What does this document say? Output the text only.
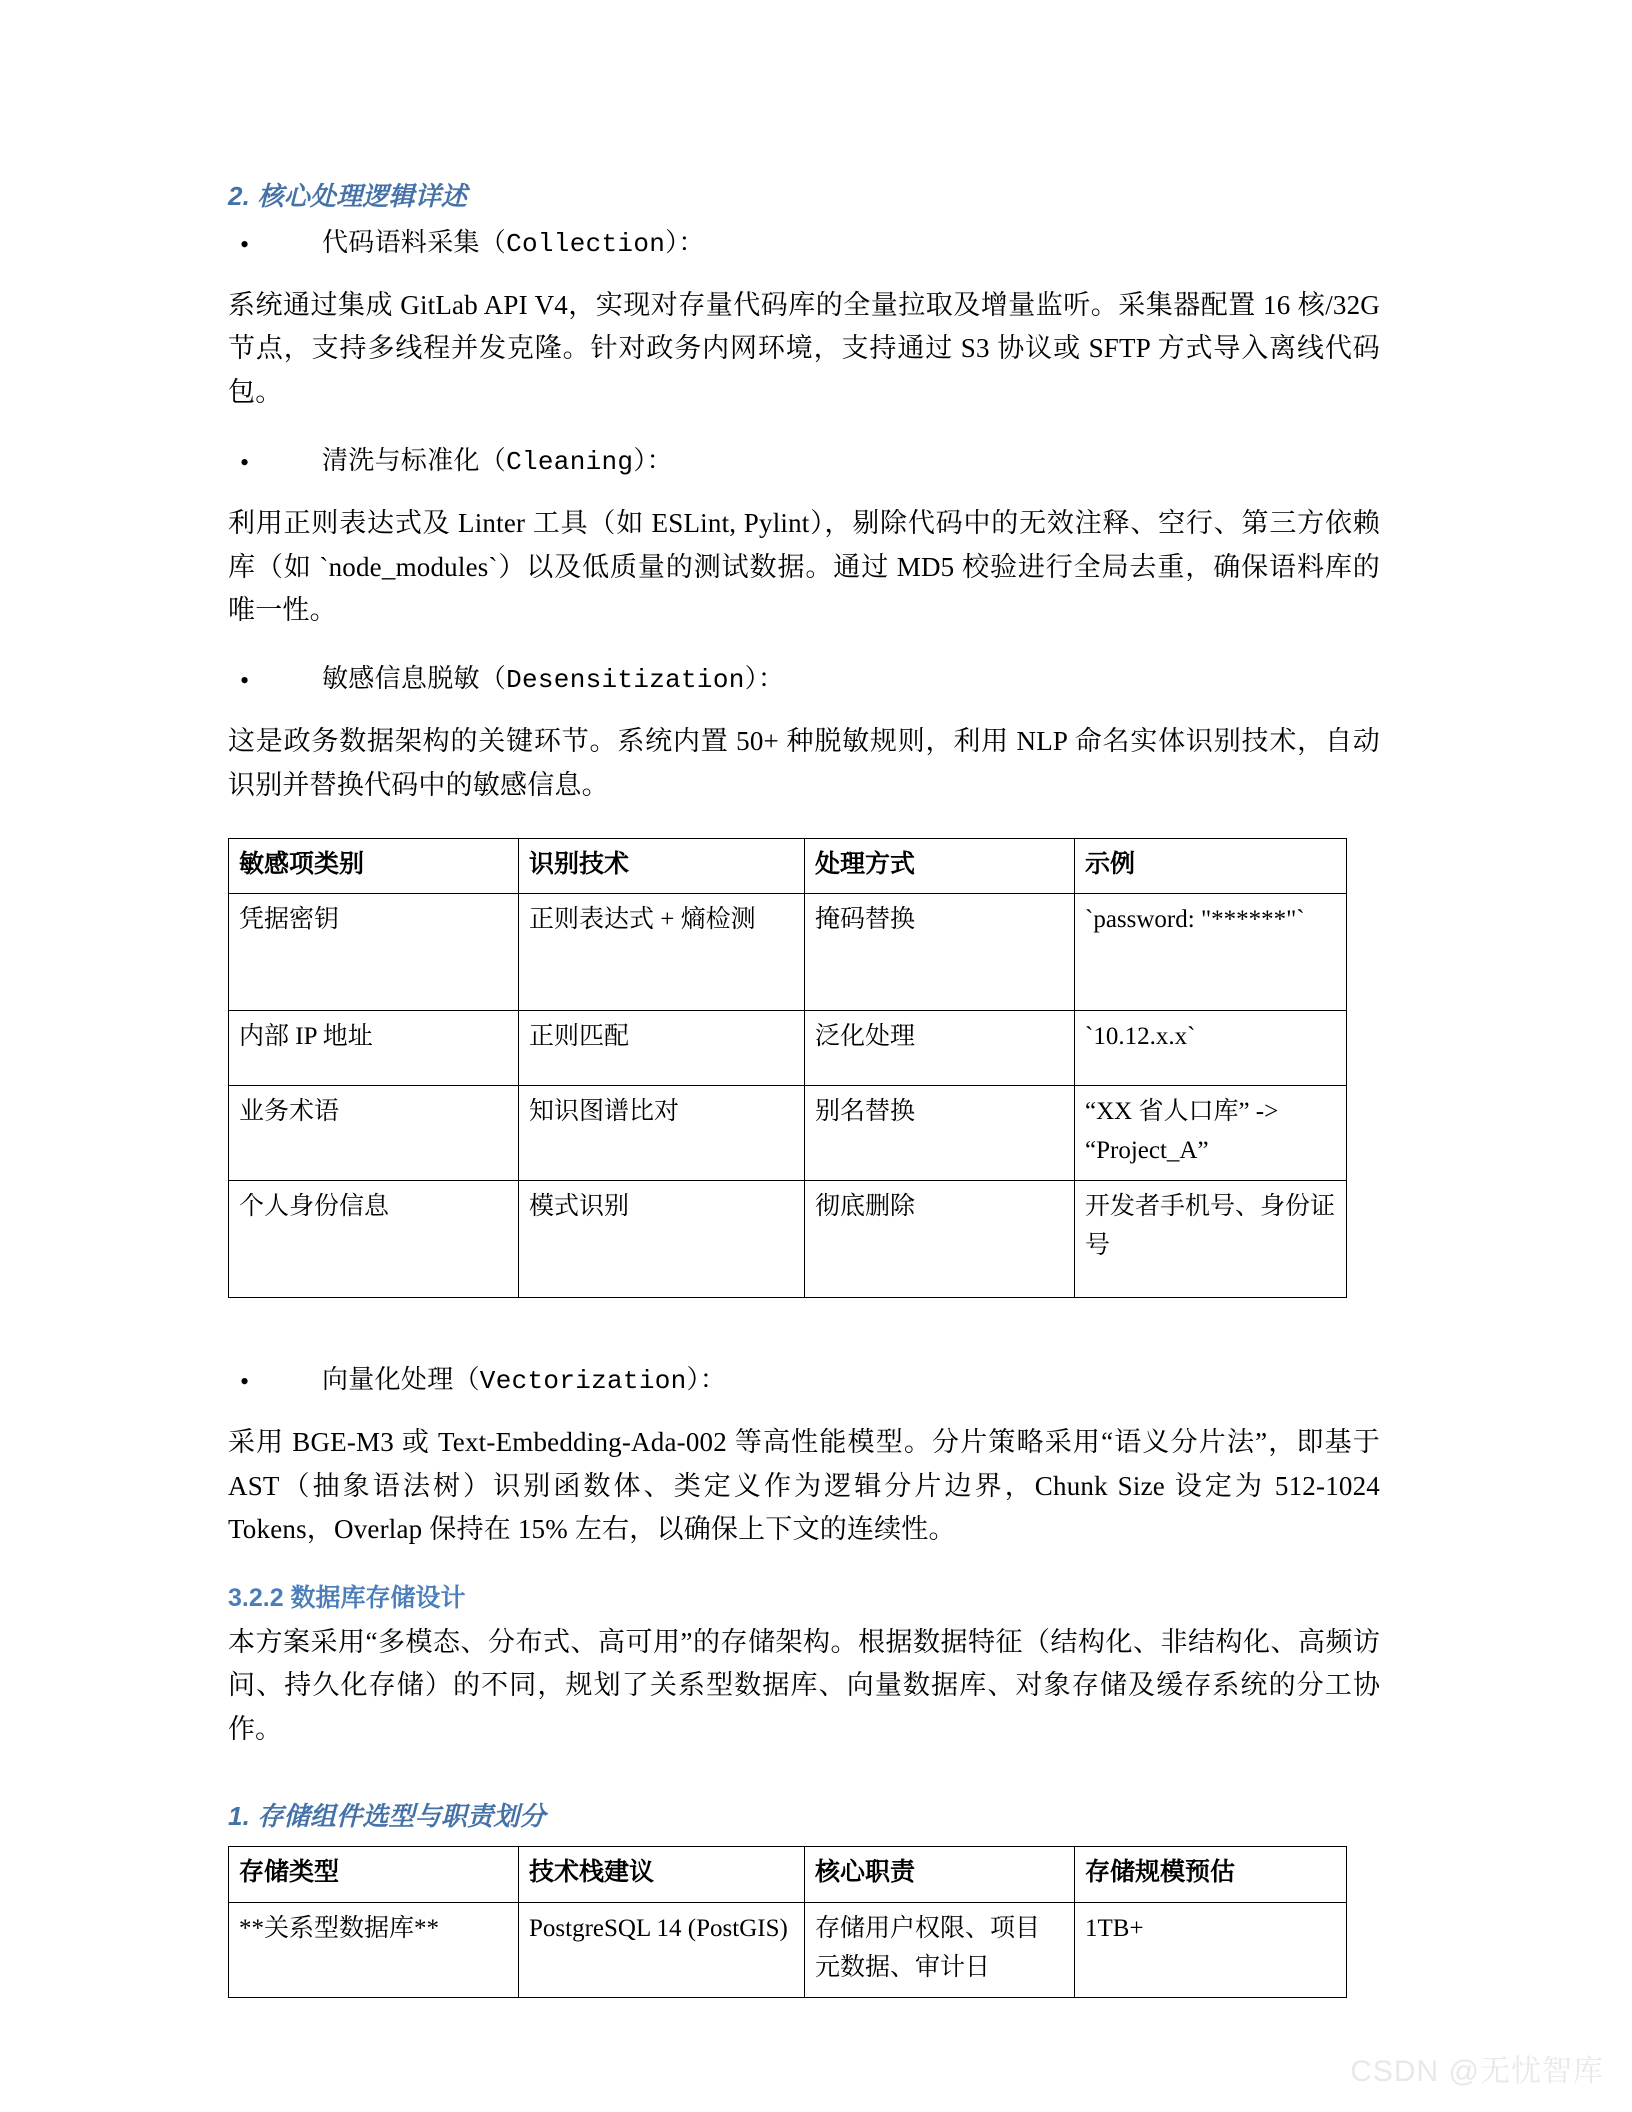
2. 核心处理逻辑详述
•	代码语料采集（Collection）：
系统通过集成 GitLab API V4，实现对存量代码库的全量拉取及增量监听。采集器配置 16 核/32G 节点，支持多线程并发克隆。针对政务内网环境，支持通过 S3 协议或 SFTP 方式导入离线代码包。
•	清洗与标准化（Cleaning）：
利用正则表达式及 Linter 工具（如 ESLint, Pylint），剔除代码中的无效注释、空行、第三方依赖库（如 `node_modules`）以及低质量的测试数据。通过 MD5 校验进行全局去重，确保语料库的唯一性。
•	敏感信息脱敏（Desensitization）：
这是政务数据架构的关键环节。系统内置 50+ 种脱敏规则，利用 NLP 命名实体识别技术，自动识别并替换代码中的敏感信息。
敏感项类别	识别技术	处理方式	示例
凭据密钥	正则表达式 + 熵检测	掩码替换	`password: "******"`
内部 IP 地址	正则匹配	泛化处理	`10.12.x.x`
业务术语	知识图谱比对	别名替换	“XX 省人口库” -> “Project_A”
个人身份信息	模式识别	彻底删除	开发者手机号、身份证号
•	向量化处理（Vectorization）：
采用 BGE-M3 或 Text-Embedding-Ada-002 等高性能模型。分片策略采用“语义分片法”，即基于 AST（抽象语法树）识别函数体、类定义作为逻辑分片边界，Chunk Size 设定为 512-1024 Tokens，Overlap 保持在 15% 左右，以确保上下文的连续性。
3.2.2 数据库存储设计
本方案采用“多模态、分布式、高可用”的存储架构。根据数据特征（结构化、非结构化、高频访问、持久化存储）的不同，规划了关系型数据库、向量数据库、对象存储及缓存系统的分工协作。
1. 存储组件选型与职责划分
存储类型	技术栈建议	核心职责	存储规模预估
**关系型数据库**	PostgreSQL 14 (PostGIS)	存储用户权限、项目元数据、审计日	1TB+
CSDN @无忧智库
